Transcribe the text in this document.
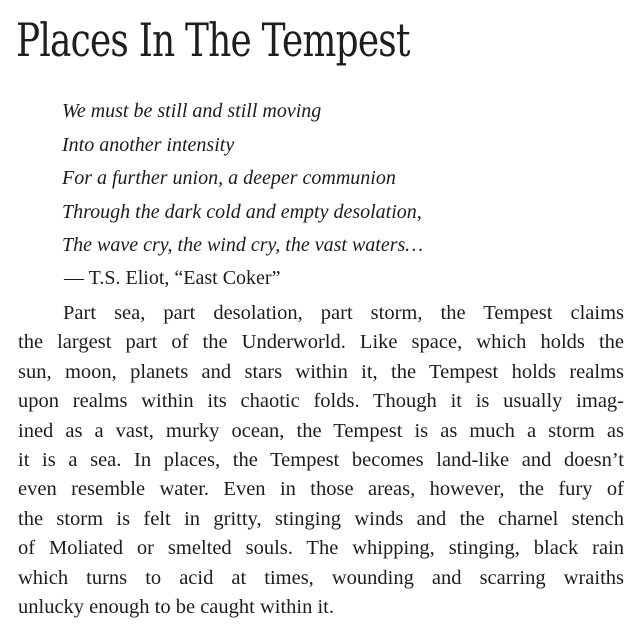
Places In The Tempest
We must be still and still moving
Into another intensity
For a further union, a deeper communion
Through the dark cold and empty desolation,
The wave cry, the wind cry, the vast waters…
— T.S. Eliot, “East Coker”
Part sea, part desolation, part storm, the Tempest claims
the largest part of the Underworld. Like space, which holds the
sun, moon, planets and stars within it, the Tempest holds realms
upon realms within its chaotic folds. Though it is usually imag-
ined as a vast, murky ocean, the Tempest is as much a storm as
it is a sea. In places, the Tempest becomes land-like and doesn’t
even resemble water. Even in those areas, however, the fury of
the storm is felt in gritty, stinging winds and the charnel stench
of Moliated or smelted souls. The whipping, stinging, black rain
which turns to acid at times, wounding and scarring wraiths
unlucky enough to be caught within it.
